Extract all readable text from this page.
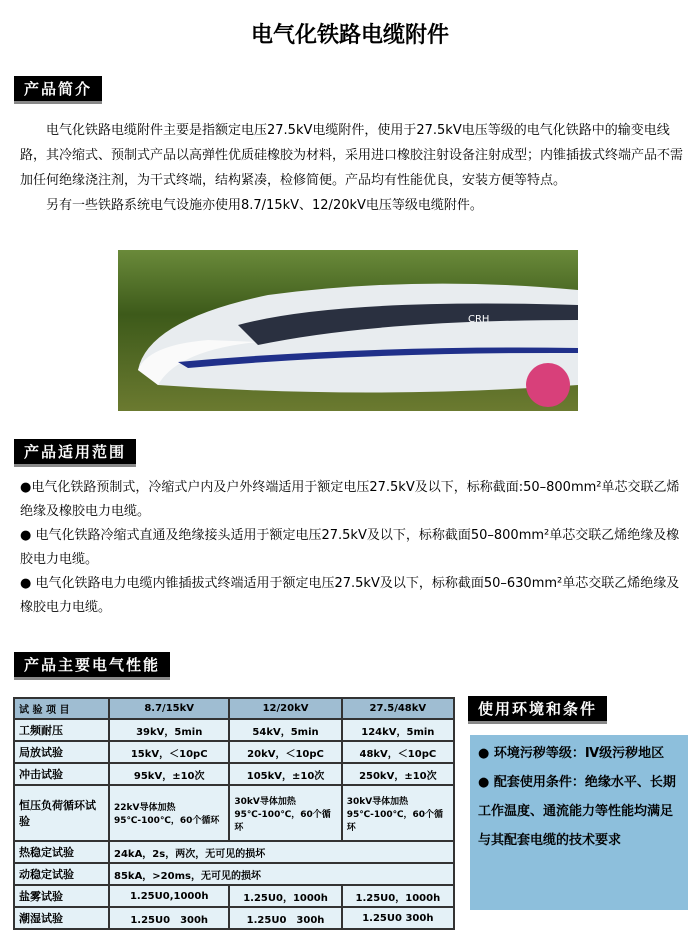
电气化铁路电缆附件
产品简介

电气化铁路电缆附件主要是指额定电压27.5kV电缆附件，使用于27.5kV电压等级的电气化铁路中的输变电线路，其冷缩式、预制式产品以高弹性优质硅橡胶为材料，采用进口橡胶注射设备注射成型；内锥插拔式终端产品不需加任何绝缘浇注剂，为干式终端，结构紧凑，检修简便。产品均有性能优良，安装方便等特点。

另有一些铁路系统电气设施亦使用8.7/15kV、12/20kV电压等级电缆附件。

CRH
产品适用范围

●电气化铁路预制式，冷缩式户内及户外终端适用于额定电压27.5kV及以下，标称截面:50–800mm²单芯交联乙烯绝缘及橡胶电力电缆。

● 电气化铁路冷缩式直通及绝缘接头适用于额定电压27.5kV及以下，标称截面50–800mm²单芯交联乙烯绝缘及橡胶电力电缆。

● 电气化铁路电力电缆内锥插拔式终端适用于额定电压27.5kV及以下，标称截面50–630mm²单芯交联乙烯绝缘及橡胶电力电缆。

产品主要电气性能
试 验 项 目	8.7/15kV	12/20kV	27.5/48kV
工频耐压	39kV，5min	54kV，5min	124kV，5min
局放试验	15kV，＜10pC	20kV，＜10pC	48kV，＜10pC
冲击试验	95kV，±10次	105kV，±10次	250kV，±10次
恒压负荷循环试验	22kV导体加热95℃-100℃，60个循环	30kV导体加热95℃-100℃，60个循环	30kV导体加热95℃-100℃，60个循环
热稳定试验	24kA，2s，两次，无可见的损坏		
动稳定试验	85kA，>20ms，无可见的损坏		
盐雾试验	1.25U0,1000h	1.25U0，1000h	1.25U0，1000h
潮湿试验	1.25U0　300h	1.25U0　300h	1.25U0 300h
使用环境和条件

● 环境污秽等级：Ⅳ级污秽地区

● 配套使用条件：绝缘水平、长期工作温度、通流能力等性能均满足与其配套电缆的技术要求
